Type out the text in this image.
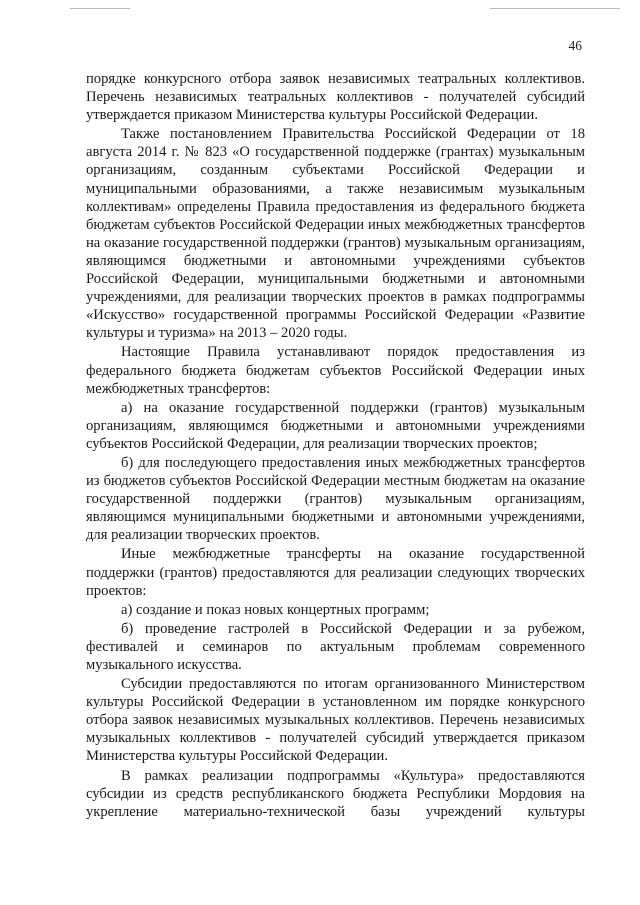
46

порядке конкурсного отбора заявок независимых театральных коллективов. Перечень независимых театральных коллективов - получателей субсидий утверждается приказом Министерства культуры Российской Федерации.

Также постановлением Правительства Российской Федерации от 18 августа 2014 г. № 823 «О государственной поддержке (грантах) музыкальным организациям, созданным субъектами Российской Федерации и муниципальными образованиями, а также независимым музыкальным коллективам» определены Правила предоставления из федерального бюджета бюджетам субъектов Российской Федерации иных межбюджетных трансфертов на оказание государственной поддержки (грантов) музыкальным организациям, являющимся бюджетными и автономными учреждениями субъектов Российской Федерации, муниципальными бюджетными и автономными учреждениями, для реализации творческих проектов в рамках подпрограммы «Искусство» государственной программы Российской Федерации «Развитие культуры и туризма» на 2013 – 2020 годы.

Настоящие Правила устанавливают порядок предоставления из федерального бюджета бюджетам субъектов Российской Федерации иных межбюджетных трансфертов:

а) на оказание государственной поддержки (грантов) музыкальным организациям, являющимся бюджетными и автономными учреждениями субъектов Российской Федерации, для реализации творческих проектов;

б) для последующего предоставления иных межбюджетных трансфертов из бюджетов субъектов Российской Федерации местным бюджетам на оказание государственной поддержки (грантов) музыкальным организациям, являющимся муниципальными бюджетными и автономными учреждениями, для реализации творческих проектов.

Иные межбюджетные трансферты на оказание государственной поддержки (грантов) предоставляются для реализации следующих творческих проектов:

а) создание и показ новых концертных программ;

б) проведение гастролей в Российской Федерации и за рубежом, фестивалей и семинаров по актуальным проблемам современного музыкального искусства.

Субсидии предоставляются по итогам организованного Министерством культуры Российской Федерации в установленном им порядке конкурсного отбора заявок независимых музыкальных коллективов. Перечень независимых музыкальных коллективов - получателей субсидий утверждается приказом Министерства культуры Российской Федерации.

В рамках реализации подпрограммы «Культура» предоставляются субсидии из средств республиканского бюджета Республики Мордовия на укрепление материально-технической базы учреждений культуры
